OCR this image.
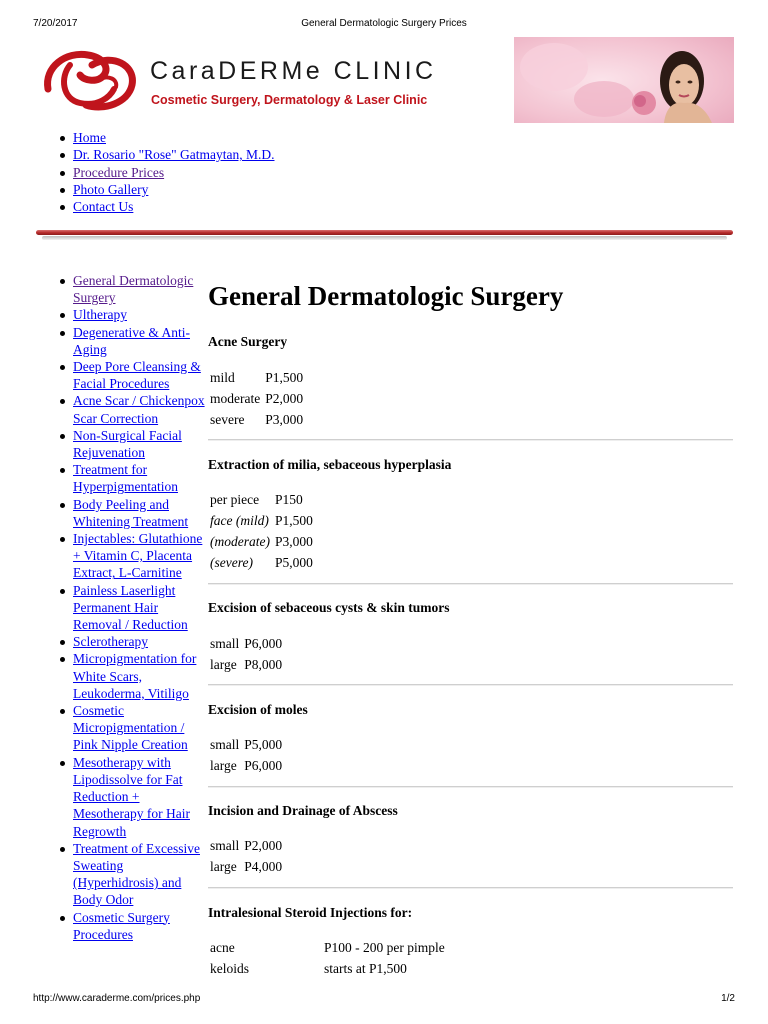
7/20/2017	General Dermatologic Surgery Prices
CaraDERMe CLINIC
Cosmetic Surgery, Dermatology & Laser Clinic
Home
Dr. Rosario "Rose" Gatmaytan, M.D.
Procedure Prices
Photo Gallery
Contact Us
General Dermatologic Surgery
Ultherapy
Degenerative & Anti-Aging
Deep Pore Cleansing & Facial Procedures
Acne Scar / Chickenpox Scar Correction
Non-Surgical Facial Rejuvenation
Treatment for Hyperpigmentation
Body Peeling and Whitening Treatment
Injectables: Glutathione + Vitamin C, Placenta Extract, L-Carnitine
Painless Laserlight Permanent Hair Removal / Reduction
Sclerotherapy
Micropigmentation for White Scars, Leukoderma, Vitiligo
Cosmetic Micropigmentation / Pink Nipple Creation
Mesotherapy with Lipodissolve for Fat Reduction + Mesotherapy for Hair Regrowth
Treatment of Excessive Sweating (Hyperhidrosis) and Body Odor
Cosmetic Surgery Procedures
General Dermatologic Surgery
Acne Surgery
mild	P1,500
moderate	P2,000
severe	P3,000
Extraction of milia, sebaceous hyperplasia
per piece	P150
face (mild)	P1,500
(moderate)	P3,000
(severe)	P5,000
Excision of sebaceous cysts & skin tumors
small	P6,000
large	P8,000
Excision of moles
small	P5,000
large	P6,000
Incision and Drainage of Abscess
small	P2,000
large	P4,000
Intralesional Steroid Injections for:
acne	P100 - 200 per pimple
keloids	starts at P1,500
http://www.caraderme.com/prices.php	1/2
